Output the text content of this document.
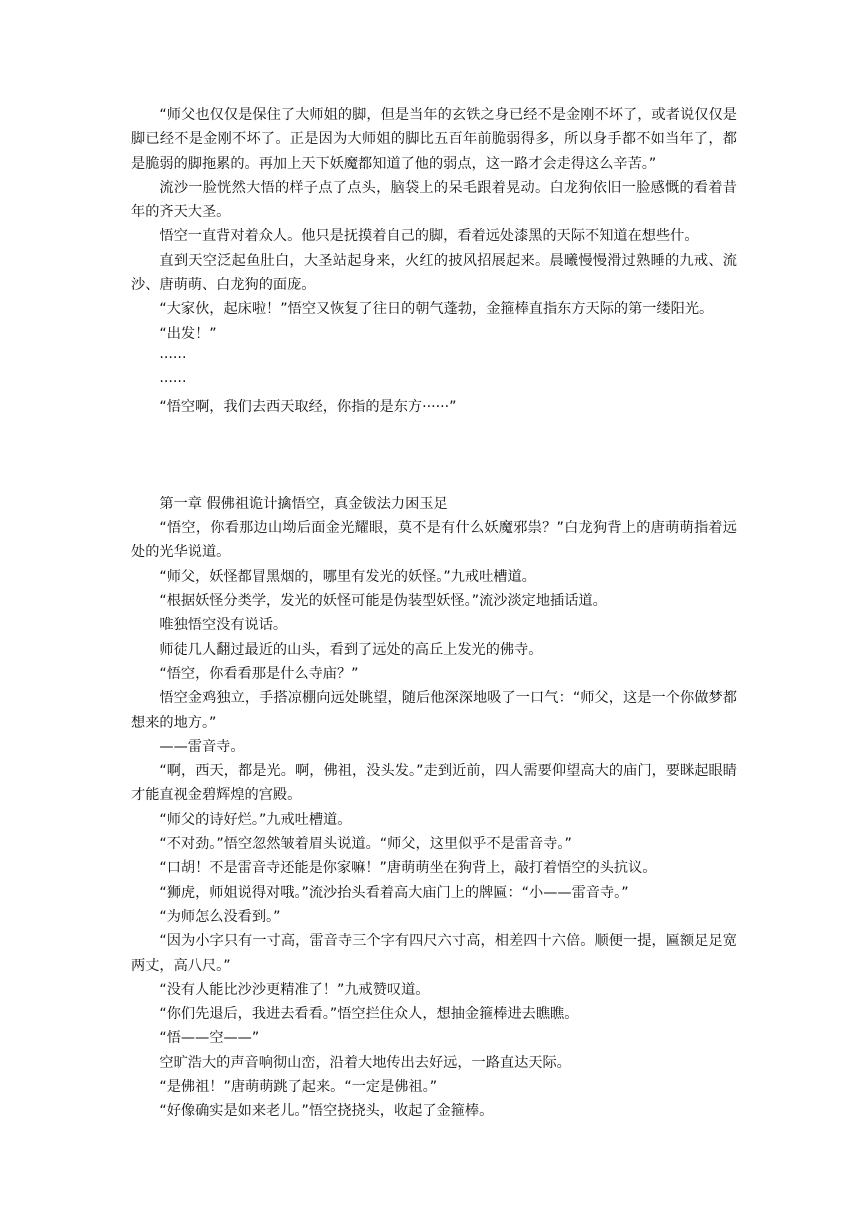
“师父也仅仅是保住了大师姐的脚，但是当年的玄铁之身已经不是金刚不坏了，或者说仅仅是脚已经不是金刚不坏了。正是因为大师姐的脚比五百年前脆弱得多，所以身手都不如当年了，都是脆弱的脚拖累的。再加上天下妖魔都知道了他的弱点，这一路才会走得这么辛苦。”

流沙一脸恍然大悟的样子点了点头，脑袋上的呆毛跟着晃动。白龙狗依旧一脸感慨的看着昔年的齐天大圣。

悟空一直背对着众人。他只是抚摸着自己的脚，看着远处漆黑的天际不知道在想些什。

直到天空泛起鱼肚白，大圣站起身来，火红的披风招展起来。晨曦慢慢滑过熟睡的九戒、流沙、唐萌萌、白龙狗的面庞。

“大家伙，起床啦！”悟空又恢复了往日的朝气蓬勃，金箍棒直指东方天际的第一缕阳光。

“出发！”

······

······

“悟空啊，我们去西天取经，你指的是东方······”

第一章 假佛祖诡计擒悟空，真金钹法力困玉足

“悟空，你看那边山坳后面金光耀眼，莫不是有什么妖魔邪祟？”白龙狗背上的唐萌萌指着远处的光华说道。

“师父，妖怪都冒黑烟的，哪里有发光的妖怪。”九戒吐槽道。

“根据妖怪分类学，发光的妖怪可能是伪装型妖怪。”流沙淡定地插话道。

唯独悟空没有说话。

师徒几人翻过最近的山头，看到了远处的高丘上发光的佛寺。

“悟空，你看看那是什么寺庙？”

悟空金鸡独立，手搭凉棚向远处眺望，随后他深深地吸了一口气：“师父，这是一个你做梦都想来的地方。”

——雷音寺。

“啊，西天，都是光。啊，佛祖，没头发。”走到近前，四人需要仰望高大的庙门，要眯起眼睛才能直视金碧辉煌的宫殿。

“师父的诗好烂。”九戒吐槽道。

“不对劲。”悟空忽然皱着眉头说道。“师父，这里似乎不是雷音寺。”

“口胡！不是雷音寺还能是你家嘛！”唐萌萌坐在狗背上，敲打着悟空的头抗议。

“狮虎，师姐说得对哦。”流沙抬头看着高大庙门上的牌匾：“小——雷音寺。”

“为师怎么没看到。”

“因为小字只有一寸高，雷音寺三个字有四尺六寸高，相差四十六倍。顺便一提，匾额足足宽两丈，高八尺。”

“没有人能比沙沙更精准了！”九戒赞叹道。

“你们先退后，我进去看看。”悟空拦住众人，想抽金箍棒进去瞧瞧。

“悟——空——”

空旷浩大的声音响彻山峦，沿着大地传出去好远，一路直达天际。

“是佛祖！”唐萌萌跳了起来。“一定是佛祖。”

“好像确实是如来老儿。”悟空挠挠头，收起了金箍棒。
